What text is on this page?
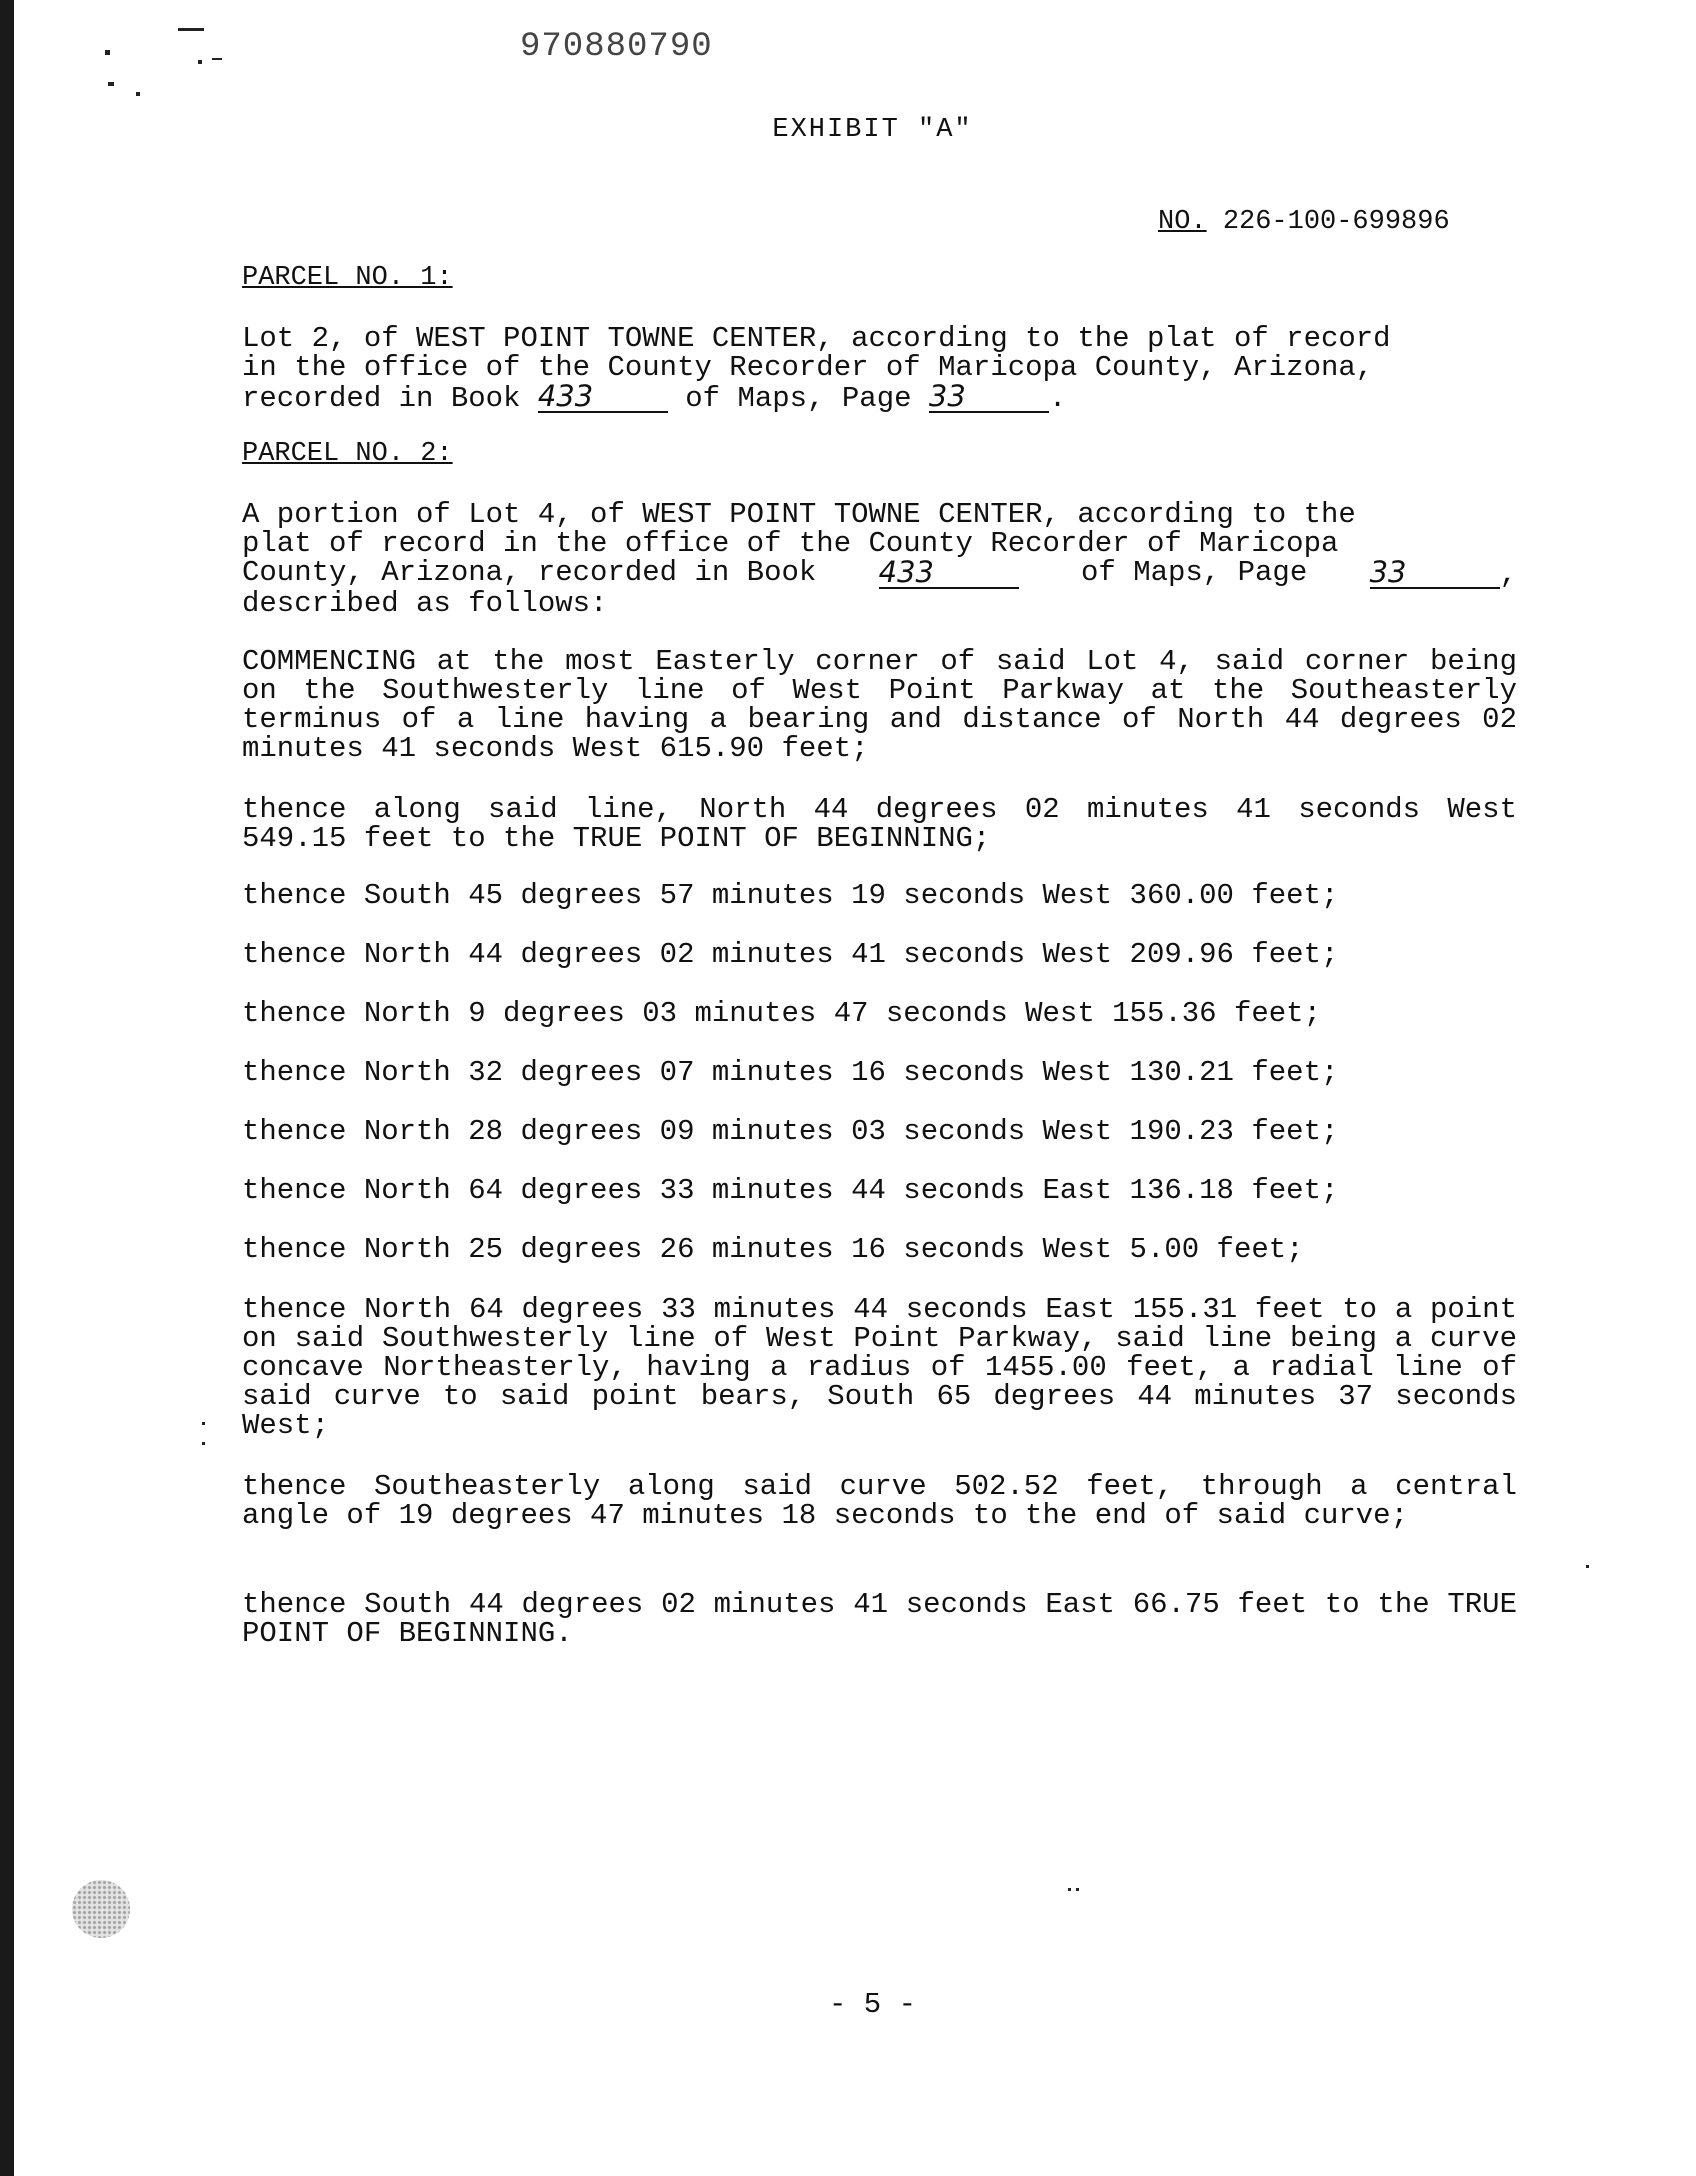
970880790
EXHIBIT "A"
NO. 226-100-699896
PARCEL NO. 1:
Lot 2, of WEST POINT TOWNE CENTER, according to the plat of record
in the office of the County Recorder of Maricopa County, Arizona,
recorded in Book 433	of Maps, Page 33	.
PARCEL NO. 2:
A portion of Lot 4, of WEST POINT TOWNE CENTER, according to the
plat of record in the office of the County Recorder of Maricopa
County, Arizona, recorded in Book 433	of Maps, Page 33	,
described as follows:
COMMENCING at the most Easterly corner of said Lot 4, said corner being on the Southwesterly line of West Point Parkway at the Southeasterly terminus of a line having a bearing and distance of North 44 degrees 02 minutes 41 seconds West 615.90 feet;
thence along said line, North 44 degrees 02 minutes 41 seconds West 549.15 feet to the TRUE POINT OF BEGINNING;
thence South 45 degrees 57 minutes 19 seconds West 360.00 feet;
thence North 44 degrees 02 minutes 41 seconds West 209.96 feet;
thence North 9 degrees 03 minutes 47 seconds West 155.36 feet;
thence North 32 degrees 07 minutes 16 seconds West 130.21 feet;
thence North 28 degrees 09 minutes 03 seconds West 190.23 feet;
thence North 64 degrees 33 minutes 44 seconds East 136.18 feet;
thence North 25 degrees 26 minutes 16 seconds West 5.00 feet;
thence North 64 degrees 33 minutes 44 seconds East 155.31 feet to a point on said Southwesterly line of West Point Parkway, said line being a curve concave Northeasterly, having a radius of 1455.00 feet, a radial line of said curve to said point bears, South 65 degrees 44 minutes 37 seconds West;
thence Southeasterly along said curve 502.52 feet, through a central angle of 19 degrees 47 minutes 18 seconds to the end of said curve;
thence South 44 degrees 02 minutes 41 seconds East 66.75 feet to the TRUE POINT OF BEGINNING.
- 5 -
